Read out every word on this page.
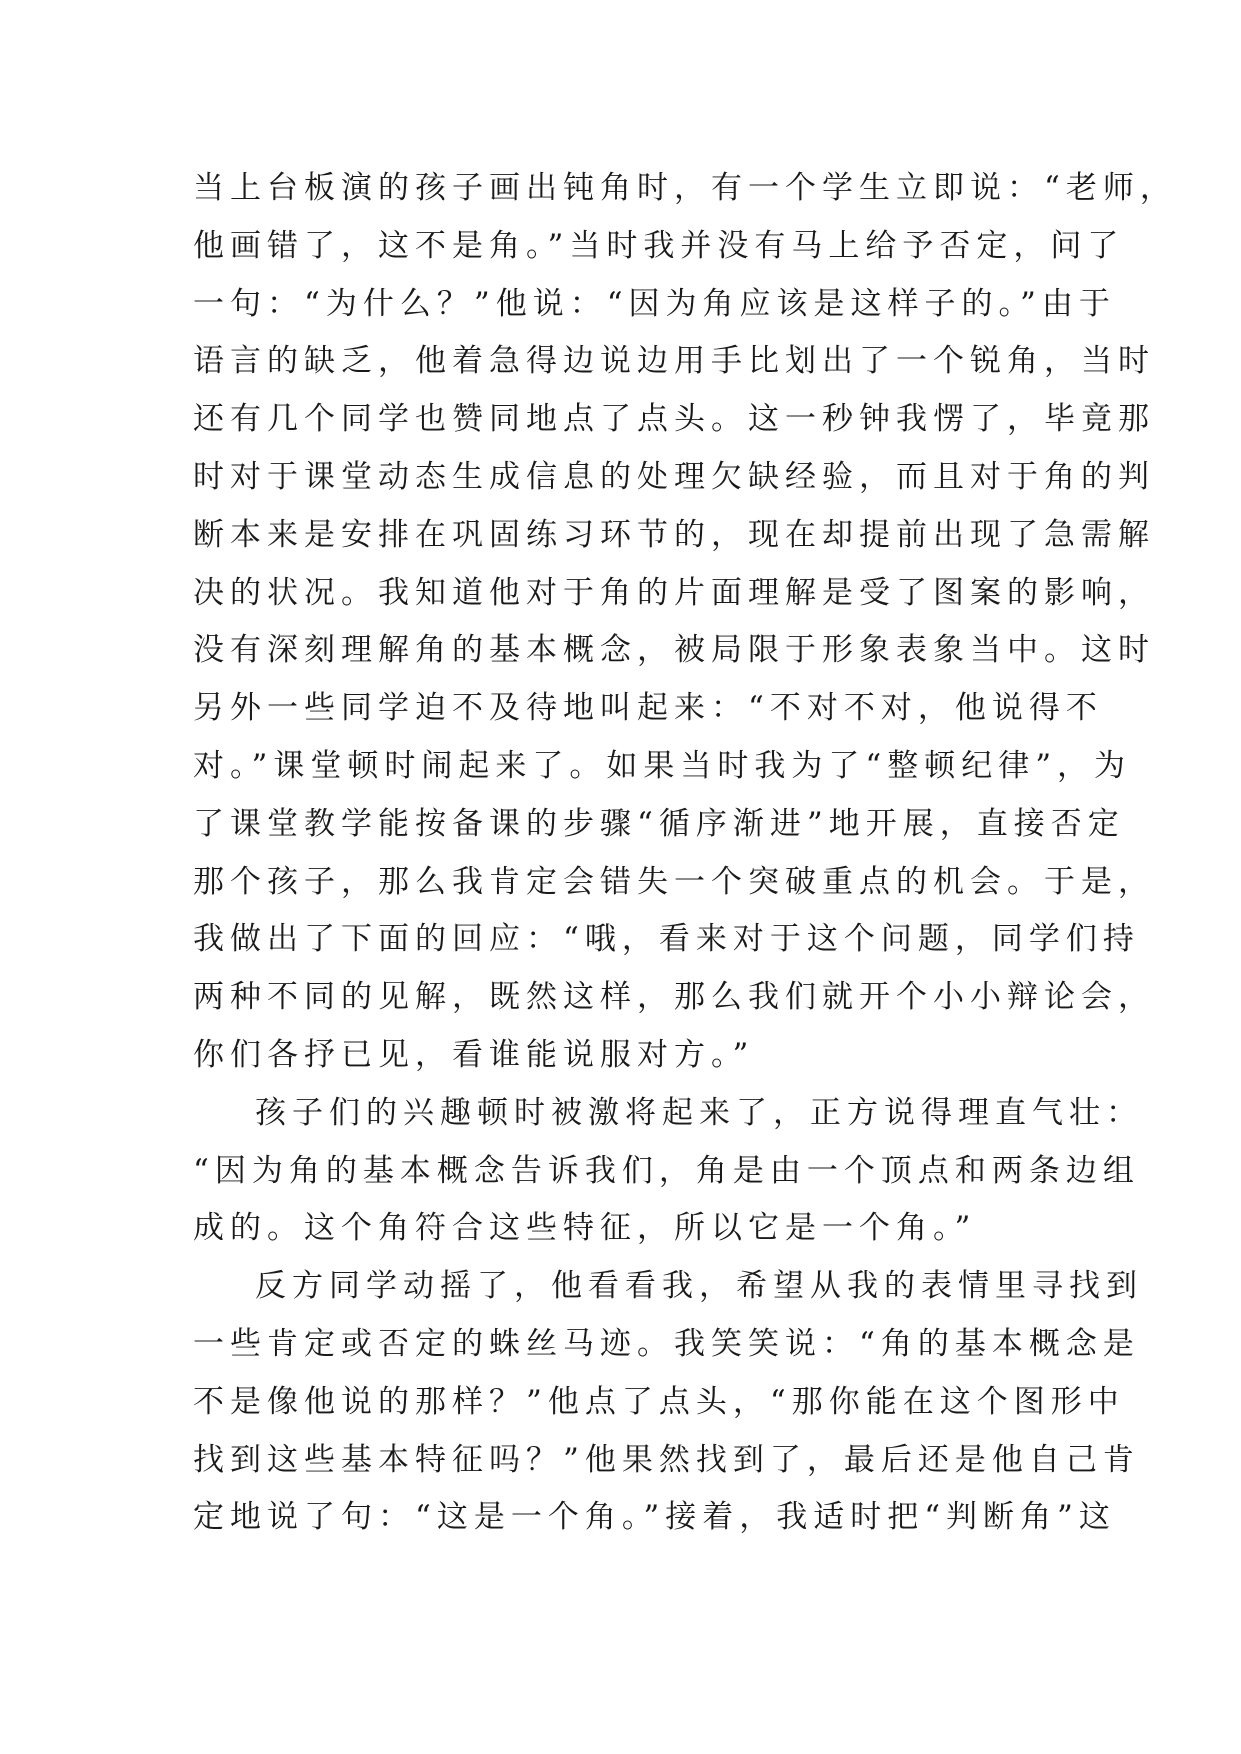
当上台板演的孩子画出钝角时，有一个学生立即说：“老师，
他画错了，这不是角。”当时我并没有马上给予否定，问了
一句：“为什么？”他说：“因为角应该是这样子的。”由于
语言的缺乏，他着急得边说边用手比划出了一个锐角，当时
还有几个同学也赞同地点了点头。这一秒钟我愣了，毕竟那
时对于课堂动态生成信息的处理欠缺经验，而且对于角的判
断本来是安排在巩固练习环节的，现在却提前出现了急需解
决的状况。我知道他对于角的片面理解是受了图案的影响，
没有深刻理解角的基本概念，被局限于形象表象当中。这时
另外一些同学迫不及待地叫起来：“不对不对，他说得不
对。”课堂顿时闹起来了。如果当时我为了“整顿纪律”，为
了课堂教学能按备课的步骤“循序渐进”地开展，直接否定
那个孩子，那么我肯定会错失一个突破重点的机会。于是，
我做出了下面的回应：“哦，看来对于这个问题，同学们持
两种不同的见解，既然这样，那么我们就开个小小辩论会，
你们各抒已见，看谁能说服对方。”
孩子们的兴趣顿时被激将起来了，正方说得理直气壮：
“因为角的基本概念告诉我们，角是由一个顶点和两条边组
成的。这个角符合这些特征，所以它是一个角。”
反方同学动摇了，他看看我，希望从我的表情里寻找到
一些肯定或否定的蛛丝马迹。我笑笑说：“角的基本概念是
不是像他说的那样？”他点了点头，“那你能在这个图形中
找到这些基本特征吗？”他果然找到了，最后还是他自己肯
定地说了句：“这是一个角。”接着，我适时把“判断角”这
